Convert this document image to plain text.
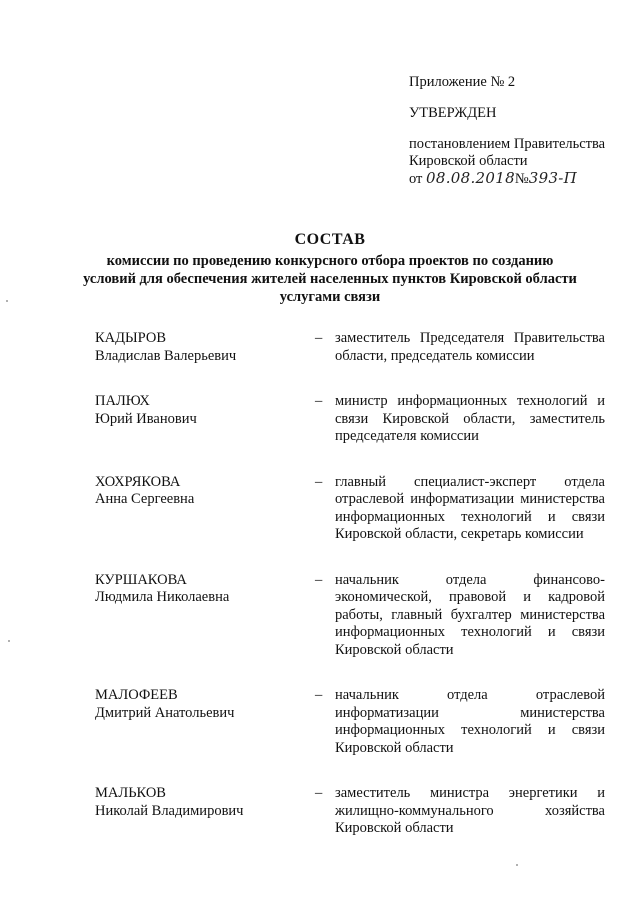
Приложение № 2
УТВЕРЖДЕН
постановлением Правительства
Кировской области
от 08.08.2018№393-П
СОСТАВ
комиссии по проведению конкурсного отбора проектов по созданию
условий для обеспечения жителей населенных пунктов Кировской области
услугами связи
КАДЫРОВ
Владислав Валерьевич
– заместитель Председателя Правительства области, председатель комиссии
ПАЛЮХ
Юрий Иванович
– министр информационных технологий и связи Кировской области, заместитель председателя комиссии
ХОХРЯКОВА
Анна Сергеевна
– главный специалист-эксперт отдела отраслевой информатизации министерства информационных технологий и связи Кировской области, секретарь комиссии
КУРШАКОВА
Людмила Николаевна
– начальник отдела финансово-экономической, правовой и кадровой работы, главный бухгалтер министерства информационных технологий и связи Кировской области
МАЛОФЕЕВ
Дмитрий Анатольевич
– начальник отдела отраслевой информатизации министерства информационных технологий и связи Кировской области
МАЛЬКОВ
Николай Владимирович
– заместитель министра энергетики и жилищно-коммунального хозяйства Кировской области
